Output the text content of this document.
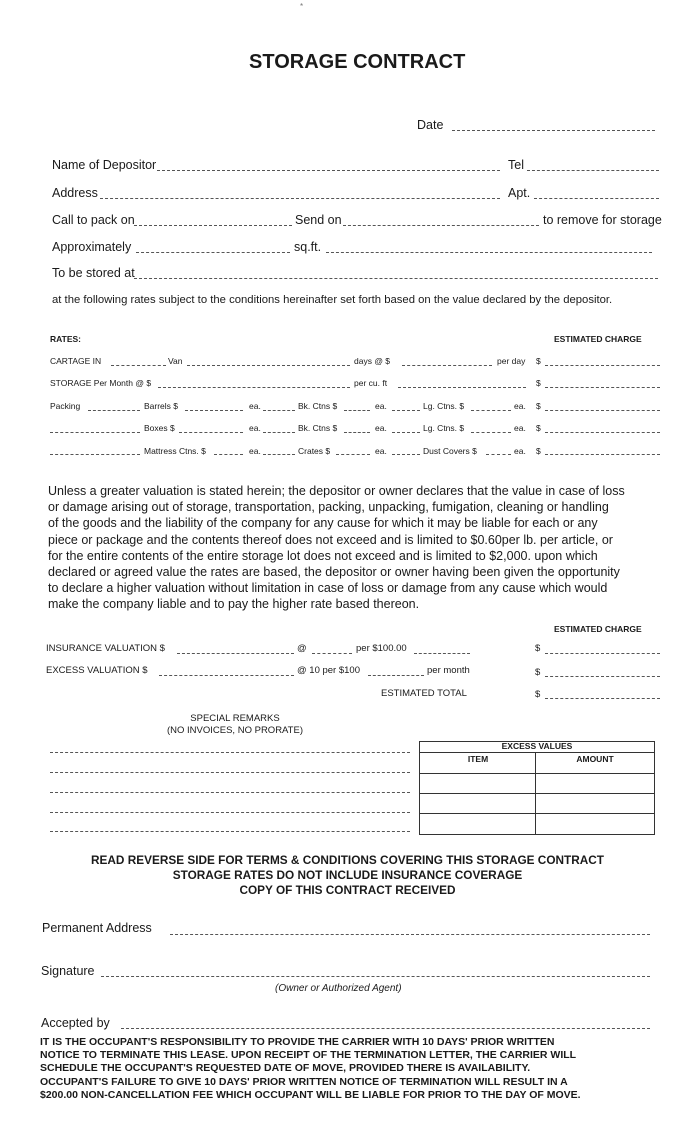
*
STORAGE CONTRACT
Date
Name of Depositor	Tel
Address	Apt.
Call to pack on	Send on	to remove for storage
Approximately	sq.ft.
To be stored at
at the following rates subject to the conditions hereinafter set forth based on the value declared by the depositor.
RATES:	ESTIMATED CHARGE
CARTAGE IN	Van	days @ $	per day $
STORAGE Per Month @ $	per cu. ft	$
Packing	Barrels $	ea.	Bk. Ctns $	ea.	Lg. Ctns. $	ea. $
Boxes $	ea.	Bk. Ctns $	ea.	Lg. Ctns. $	ea. $
Mattress Ctns. $	ea.	Crates $	ea.	Dust Covers $	ea. $
Unless a greater valuation is stated herein; the depositor or owner declares that the value in case of loss
or damage arising out of storage, transportation, packing, unpacking, fumigation, cleaning or handling
of the goods and the liability of the company for any cause for which it may be liable for each or any
piece or package and the contents thereof does not exceed and is limited to $0.60per lb. per article, or
for the entire contents of the entire storage lot does not exceed and is limited to $2,000. upon which
declared or agreed value the rates are based, the depositor or owner having been given the opportunity
to declare a higher valuation without limitation in case of loss or damage from any cause which would
make the company liable and to pay the higher rate based thereon.
ESTIMATED CHARGE
INSURANCE VALUATION $	@	per $100.00	$
EXCESS VALUATION $	@ 10 per $100	per month	$
ESTIMATED TOTAL	$
SPECIAL REMARKS
(NO INVOICES, NO PRORATE)
EXCESS VALUES
ITEM	AMOUNT
READ REVERSE SIDE FOR TERMS & CONDITIONS COVERING THIS STORAGE CONTRACT
STORAGE RATES DO NOT INCLUDE INSURANCE COVERAGE
COPY OF THIS CONTRACT RECEIVED
Permanent Address
Signature
(Owner or Authorized Agent)
Accepted by
IT IS THE OCCUPANT'S RESPONSIBILITY TO PROVIDE THE CARRIER WITH 10 DAYS' PRIOR WRITTEN
NOTICE TO TERMINATE THIS LEASE. UPON RECEIPT OF THE TERMINATION LETTER, THE CARRIER WILL
SCHEDULE THE OCCUPANT'S REQUESTED DATE OF MOVE, PROVIDED THERE IS AVAILABILITY.
OCCUPANT'S FAILURE TO GIVE 10 DAYS' PRIOR WRITTEN NOTICE OF TERMINATION WILL RESULT IN A
$200.00 NON-CANCELLATION FEE WHICH OCCUPANT WILL BE LIABLE FOR PRIOR TO THE DAY OF MOVE.
